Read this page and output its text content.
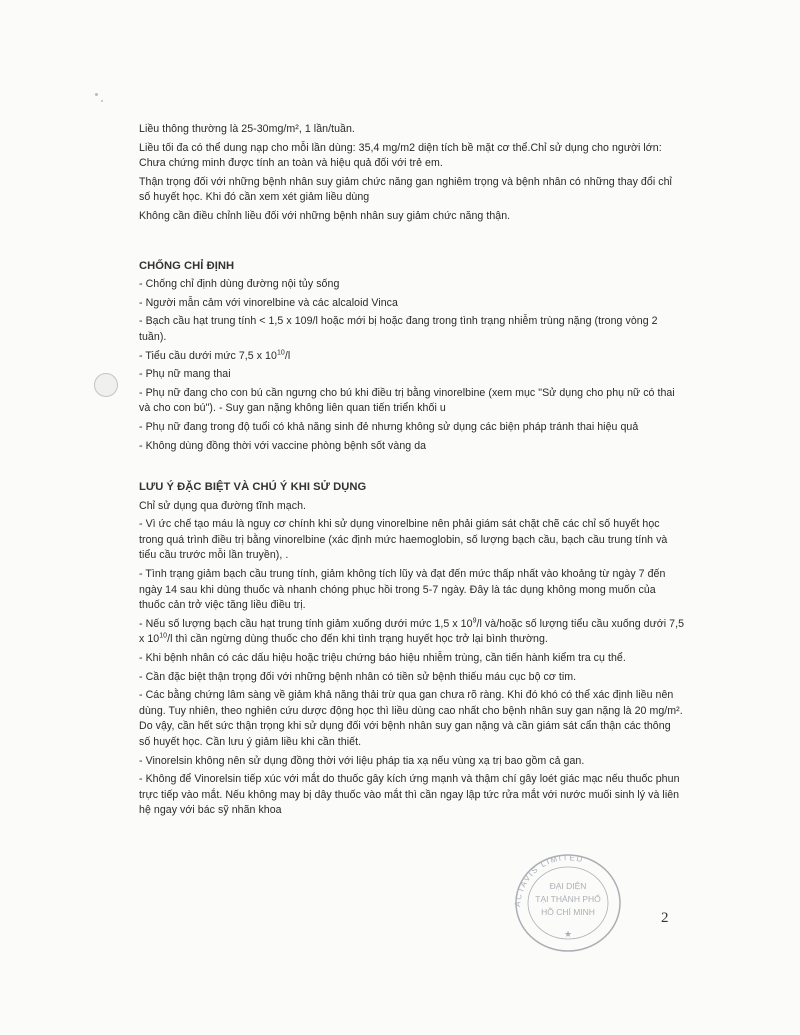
Liều thông thường là 25-30mg/m², 1 lần/tuần.

Liều tối đa có thể dung nạp cho mỗi lần dùng: 35,4 mg/m2 diện tích bề mặt cơ thể.Chỉ sử dụng cho người lớn: Chưa chứng minh được tính an toàn và hiệu quả đối với trẻ em.

Thận trọng đối với những bệnh nhân suy giảm chức năng gan nghiêm trọng và bệnh nhân có những thay đổi chỉ số huyết học. Khi đó cần xem xét giảm liều dùng

Không cần điều chỉnh liều đối với những bệnh nhân suy giảm chức năng thận.

CHỐNG CHỈ ĐỊNH

- Chống chỉ định dùng đường nội tủy sống

- Người mẫn cảm với vinorelbine và các alcaloid Vinca

- Bạch cầu hạt trung tính < 1,5 x 109/l hoặc mới bị hoặc đang trong tình trạng nhiễm trùng nặng (trong vòng 2 tuần).

- Tiểu cầu dưới mức 7,5 x $10^{10}/l$

- Phụ nữ mang thai

- Phụ nữ đang cho con bú cần ngưng cho bú khi điều trị bằng vinorelbine (xem mục "Sử dụng cho phụ nữ có thai và cho con bú"). - Suy gan nặng không liên quan tiến triển khối u

- Phụ nữ đang trong độ tuổi có khả năng sinh đẻ nhưng không sử dụng các biện pháp tránh thai hiệu quả

- Không dùng đồng thời với vaccine phòng bệnh sốt vàng da

LƯU Ý ĐẶC BIỆT VÀ CHÚ Ý KHI SỬ DỤNG

Chỉ sử dụng qua đường tĩnh mạch.

- Vì ức chế tạo máu là nguy cơ chính khi sử dụng vinorelbine nên phải giám sát chặt chẽ các chỉ số huyết học trong quá trình điều trị bằng vinorelbine (xác định mức haemoglobin, số lượng bạch cầu, bạch cầu trung tính và tiểu cầu trước mỗi lần truyền), .

- Tình trạng giảm bạch cầu trung tính, giảm không tích lũy và đạt đến mức thấp nhất vào khoảng từ ngày 7 đến ngày 14 sau khi dùng thuốc và nhanh chóng phục hồi trong 5-7 ngày. Đây là tác dụng không mong muốn của thuốc cản trở việc tăng liều điều trị.

- Nếu số lượng bạch cầu hạt trung tính giảm xuống dưới mức 1,5 x $10^9/l$ và/hoặc số lượng tiểu cầu xuống dưới 7,5 x $10^{10}/l$ thì cần ngừng dùng thuốc cho đến khi tình trạng huyết học trở lại bình thường.

- Khi bệnh nhân có các dấu hiệu hoặc triệu chứng báo hiệu nhiễm trùng, cần tiến hành kiểm tra cụ thể.

- Cần đặc biệt thận trọng đối với những bệnh nhân có tiền sử bệnh thiếu máu cục bộ cơ tim.

- Các bằng chứng lâm sàng về giảm khả năng thải trừ qua gan chưa rõ ràng. Khi đó khó có thể xác định liều nên dùng. Tuy nhiên, theo nghiên cứu dược động học thì liều dùng cao nhất cho bệnh nhân suy gan nặng là 20 mg/m². Do vậy, cần hết sức thận trọng khi sử dụng đối với bệnh nhân suy gan nặng và cần giám sát cẩn thận các thông số huyết học. Cần lưu ý giảm liều khi cần thiết.

- Vinorelsin không nên sử dụng đồng thời với liệu pháp tia xạ nếu vùng xạ trị bao gồm cả gan.

- Không để Vinorelsin tiếp xúc với mắt do thuốc gây kích ứng mạnh và thậm chí gây loét giác mạc nếu thuốc phun trực tiếp vào mắt. Nếu không may bị dây thuốc vào mắt thì cần ngay lập tức rửa mắt với nước muối sinh lý và liên hệ ngay với bác sỹ nhãn khoa

ACTAVIS LIMITED
ĐẠI DIỆN
TẠI THÀNH PHỐ
HỒ CHÍ MINH
★
2
